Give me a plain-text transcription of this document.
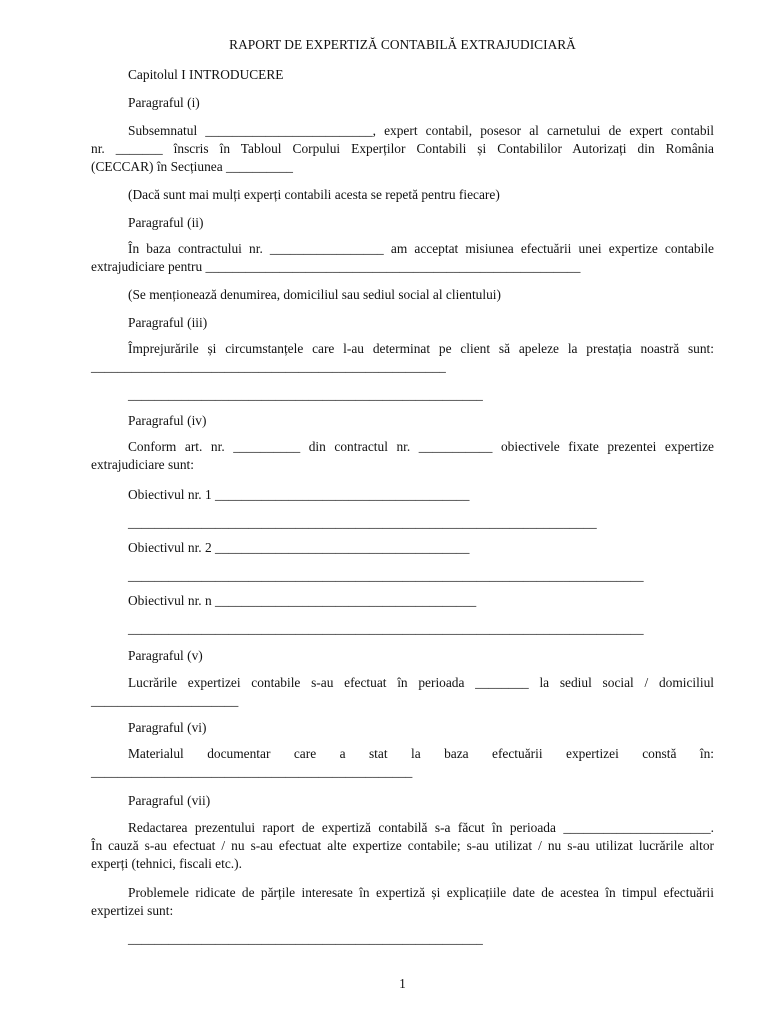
RAPORT DE EXPERTIZĂ CONTABILĂ EXTRAJUDICIARĂ

Capitolul I INTRODUCERE

Paragraful (i)

Subsemnatul _________________________, expert contabil, posesor al carnetului de expert contabil

nr. _______ înscris în Tabloul Corpului Experților Contabili și Contabililor Autorizați din România

(CECCAR) în Secțiunea __________

(Dacă sunt mai mulți experți contabili acesta se repetă pentru fiecare)

Paragraful (ii)

În baza contractului nr. _________________ am acceptat misiunea efectuării unei expertize contabile

extrajudiciare pentru ________________________________________________________

(Se menționează denumirea, domiciliul sau sediul social al clientului)

Paragraful (iii)

Împrejurările și circumstanțele care l-au determinat pe client să apeleze la prestația noastră sunt:

_____________________________________________________

_____________________________________________________

Paragraful (iv)

Conform art. nr. __________ din contractul nr. ___________ obiectivele fixate prezentei expertize

extrajudiciare sunt:

Obiectivul nr. 1 ______________________________________

______________________________________________________________________

Obiectivul nr. 2 ______________________________________

_____________________________________________________________________________

Obiectivul nr. n _______________________________________

_____________________________________________________________________________

Paragraful (v)

Lucrările expertizei contabile s-au efectuat în perioada ________ la sediul social / domiciliul

______________________

Paragraful (vi)

Materialul documentar care a stat la baza efectuării expertizei constă în:

________________________________________________

Paragraful (vii)

Redactarea prezentului raport de expertiză contabilă s-a făcut în perioada ______________________.

În cauză s-au efectuat / nu s-au efectuat alte expertize contabile; s-au utilizat / nu s-au utilizat lucrările altor

experți (tehnici, fiscali etc.).

Problemele ridicate de părțile interesate în expertiză și explicațiile date de acestea în timpul efectuării

expertizei sunt:

_____________________________________________________

1
